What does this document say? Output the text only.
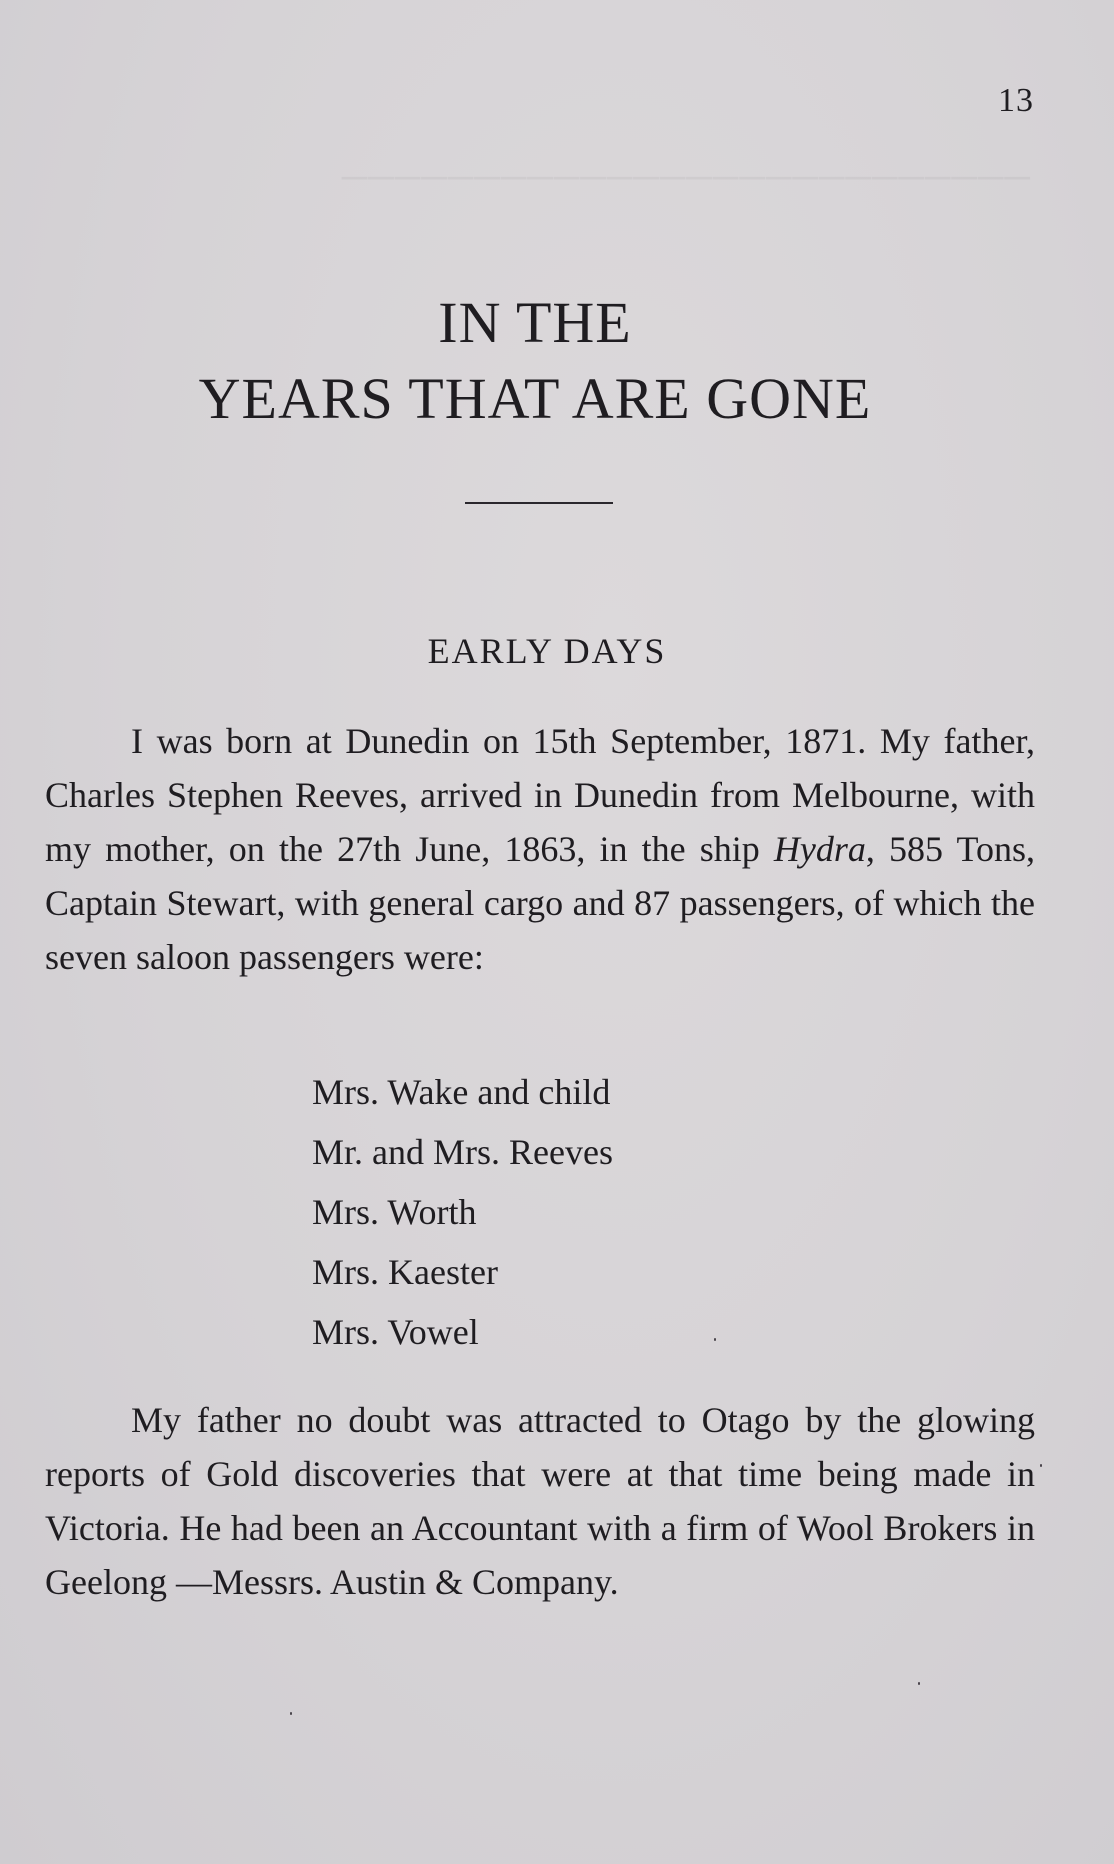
──────────────────────────
13
IN THE
YEARS THAT ARE GONE
EARLY DAYS

I was born at Dunedin on 15th September, 1871. My father, Charles Stephen Reeves, arrived in Dunedin from Melbourne, with my mother, on the 27th June, 1863, in the ship Hydra, 585 Tons, Captain Stewart, with general cargo and 87 passengers, of which the seven saloon passengers were:

Mrs. Wake and child
Mr. and Mrs. Reeves
Mrs. Worth
Mrs. Kaester
Mrs. Vowel

My father no doubt was attracted to Otago by the glowing reports of Gold discoveries that were at that time being made in Victoria. He had been an Accountant with a firm of Wool Brokers in Geelong —Messrs. Austin & Company.
